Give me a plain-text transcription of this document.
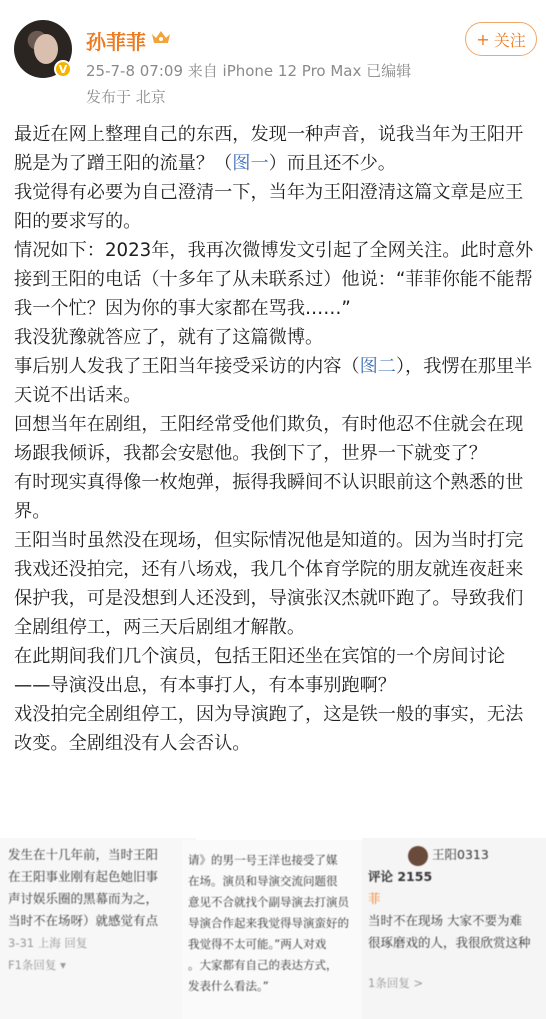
V
孙菲菲
25-7-8 07:09 来自 iPhone 12 Pro Max 已编辑
发布于 北京
+ 关注

最近在网上整理自己的东西，发现一种声音，说我当年为王阳开脱是为了蹭王阳的流量？（图一）而且还不少。

我觉得有必要为自己澄清一下，当年为王阳澄清这篇文章是应王阳的要求写的。

情况如下：2023年，我再次微博发文引起了全网关注。此时意外接到王阳的电话（十多年了从未联系过）他说：“菲菲你能不能帮我一个忙？因为你的事大家都在骂我……”

我没犹豫就答应了，就有了这篇微博。

事后别人发我了王阳当年接受采访的内容（图二），我愣在那里半天说不出话来。

回想当年在剧组，王阳经常受他们欺负，有时他忍不住就会在现场跟我倾诉，我都会安慰他。我倒下了，世界一下就变了？

有时现实真得像一枚炮弹，振得我瞬间不认识眼前这个熟悉的世界。

王阳当时虽然没在现场，但实际情况他是知道的。因为当时打完我戏还没拍完，还有八场戏，我几个体育学院的朋友就连夜赶来保护我，可是没想到人还没到，导演张汉杰就吓跑了。导致我们全剧组停工，两三天后剧组才解散。

在此期间我们几个演员，包括王阳还坐在宾馆的一个房间讨论——导演没出息，有本事打人，有本事别跑啊？

戏没拍完全剧组停工，因为导演跑了，这是铁一般的事实，无法改变。全剧组没有人会否认。

发生在十几年前，当时王阳
在王阳事业刚有起色她旧事
声讨娱乐圈的黑幕而为之，
当时不在场呀）就感觉有点
3-31 上海 回复
F1条回复 ▾
请》的男一号王洋也接受了媒
在场。演员和导演交流问题很
意见不合就找个副导演去打演员
导演合作起来我觉得导演蛮好的
我觉得不太可能。”两人对戏
。大家都有自己的表达方式，
发表什么看法。”
王阳0313
评论 2155
菲
当时不在现场 大家不要为难
很琢磨戏的人，我很欣赏这种
1条回复 >
